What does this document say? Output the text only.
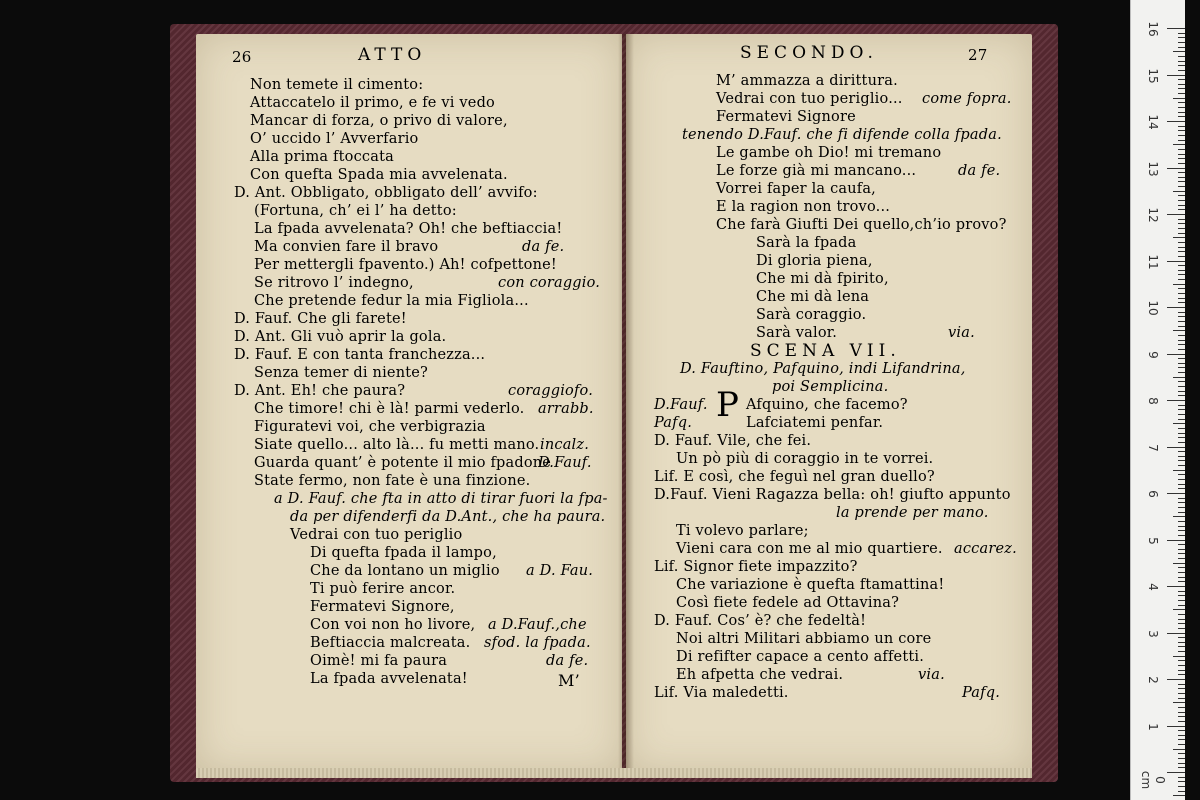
26	ATTO	SECONDO.	27
Non temete il cimento:
Attaccatelo il primo, e fe vi vedo
Mancar di forza, o privo di valore,
O’ uccido l’ Avverfario
Alla prima ftoccata
Con quefta Spada mia avvelenata.
D. Ant. Obbligato, obbligato dell’ avvifo:
(Fortuna, ch’ ei l’ ha detto:
La fpada avvelenata? Oh! che beftiaccia!
Ma convien fare il bravo	da fe.
Per mettergli fpavento.) Ah! cofpettone!
Se ritrovo l’ indegno,	con coraggio.
Che pretende fedur la mia Figliola...
D. Fauf. Che gli farete!
D. Ant. Gli vuò aprir la gola.
D. Fauf. E con tanta franchezza...
Senza temer di niente?
D. Ant. Eh! che paura?	coraggiofo.
Che timore! chi è là! parmi vederlo. arrabb.
Figuratevi voi, che verbigrazia
Siate quello... alto là... fu metti mano. incalz.
Guarda quant’ è potente il mio fpadone
D.Fauf.
State fermo, non fate è una finzione.
a D. Fauf. che fta in atto di tirar fuori la fpa-
da per difenderfi da D.Ant., che ha paura.
Vedrai con tuo periglio
Di quefta fpada il lampo,
Che da lontano un miglio a D. Fau.
Ti può ferire ancor.
Fermatevi Signore,
Con voi non ho livore, a D.Fauf.,che
Beftiaccia malcreata. sfod. la fpada.
Oimè! mi fa paura	da fe.
La fpada avvelenata!
M’ ammazza a dirittura.
Vedrai con tuo periglio... come fopra.
Fermatevi Signore
tenendo D.Fauf. che fi difende colla fpada.
Le gambe oh Dio! mi tremano
Le forze già mi mancano...	da fe.
Vorrei faper la caufa,
E la ragion non trovo...
Che farà Giufti Dei quello,ch’io provo?
Sarà la fpada
Di gloria piena,
Che mi dà fpirito,
Che mi dà lena
Sarà coraggio.
Sarà valor.	via.
SCENA VII.
D. Fauftino, Pafquino, indi Lifandrina,
poi Semplicina.
D.Fauf.	Afquino, che facemo?
Pafq.	Lafciatemi penfar.
D. Fauf. Vile, che fei.
Un pò più di coraggio in te vorrei.
Lif. E così, che feguì nel gran duello?
D.Fauf. Vieni Ragazza bella: oh! giufto appunto
la prende per mano.
Ti volevo parlare;
Vieni cara con me al mio quartiere. accarez.
Lif. Signor fiete impazzito?
Che variazione è quefta ftamattina!
Così fiete fedele ad Ottavina?
D. Fauf. Cos’ è? che fedeltà!
Noi altri Militari abbiamo un core
Di refifter capace a cento affetti.
Eh afpetta che vedrai.	via.
Lif. Via maledetti.	Pafq.
M’
P
16
15
14
13
12
11
10
9
8
7
6
5
4
3
2
1
0 cm
